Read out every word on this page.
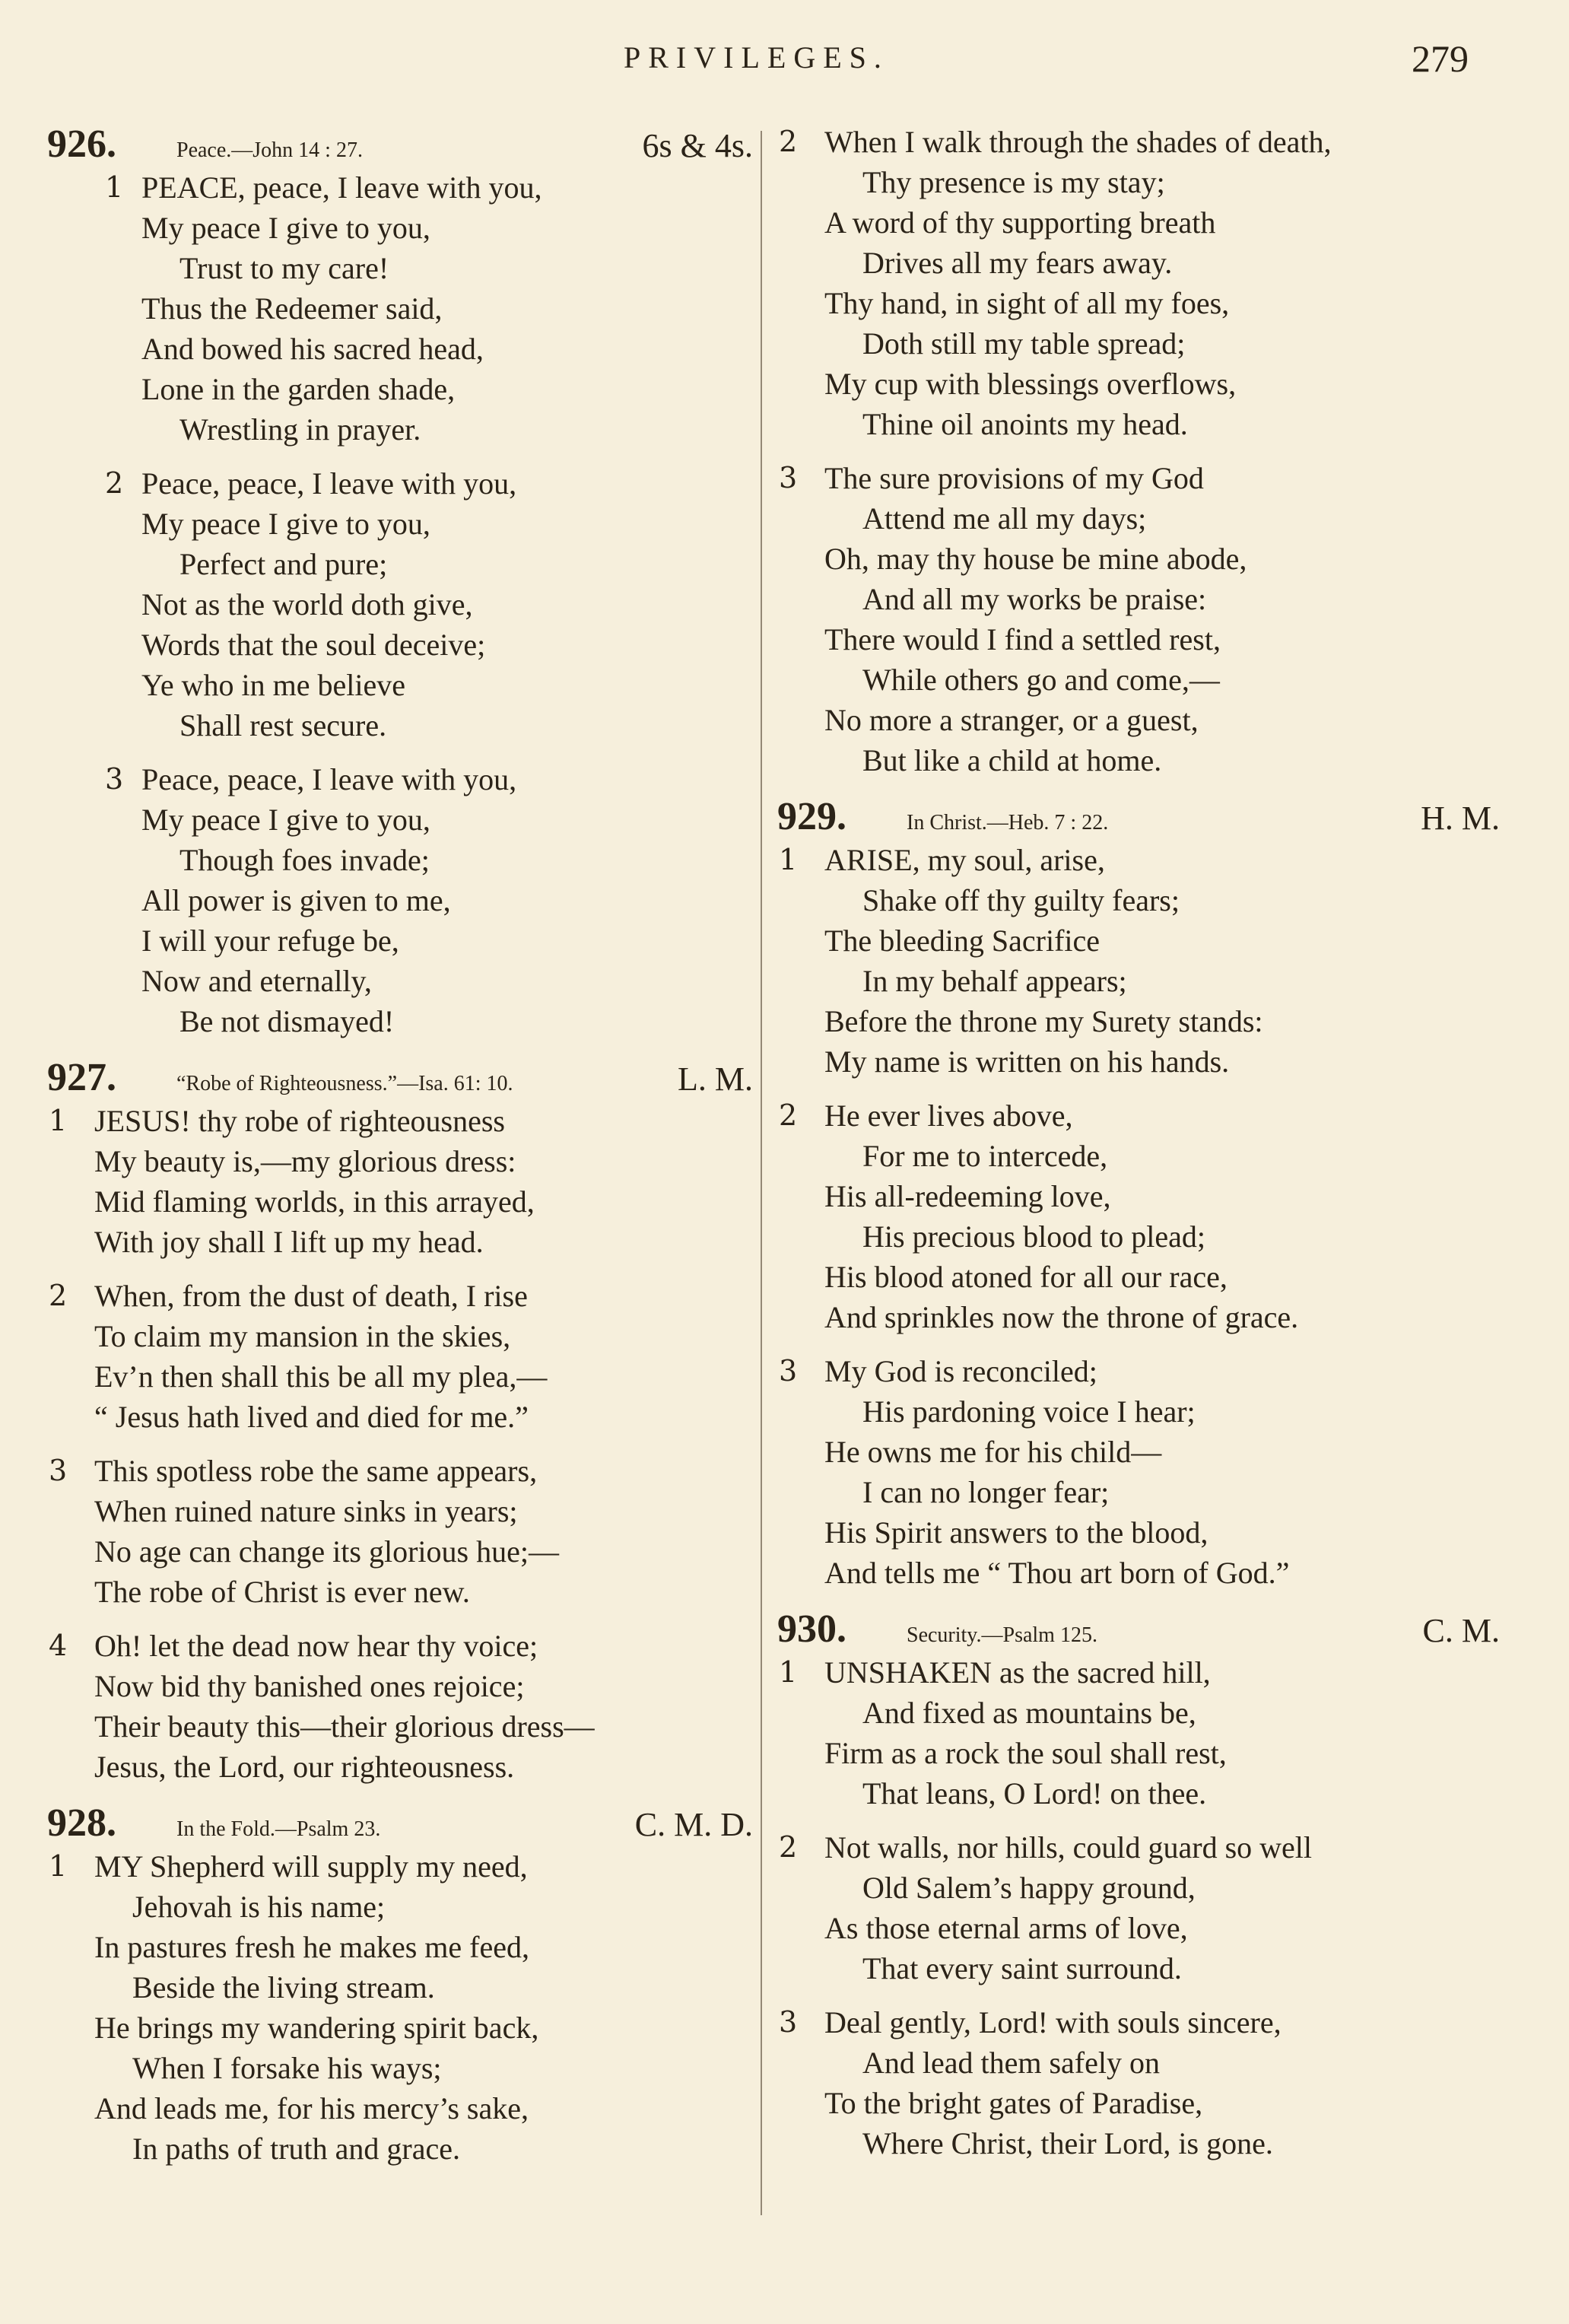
PRIVILEGES.	279
926.	Peace.—John 14 : 27.	6s & 4s.
1 PEACE, peace, I leave with you,
My peace I give to you,
Trust to my care!
Thus the Redeemer said,
And bowed his sacred head,
Lone in the garden shade,
Wrestling in prayer.
2 Peace, peace, I leave with you,
My peace I give to you,
Perfect and pure;
Not as the world doth give,
Words that the soul deceive;
Ye who in me believe
Shall rest secure.
3 Peace, peace, I leave with you,
My peace I give to you,
Though foes invade;
All power is given to me,
I will your refuge be,
Now and eternally,
Be not dismayed!
927.	“Robe of Righteousness.”—Isa. 61: 10.	L. M.
1 JESUS! thy robe of righteousness
My beauty is,—my glorious dress:
Mid flaming worlds, in this arrayed,
With joy shall I lift up my head.
2 When, from the dust of death, I rise
To claim my mansion in the skies,
Ev’n then shall this be all my plea,—
“ Jesus hath lived and died for me.”
3 This spotless robe the same appears,
When ruined nature sinks in years;
No age can change its glorious hue;—
The robe of Christ is ever new.
4 Oh! let the dead now hear thy voice;
Now bid thy banished ones rejoice;
Their beauty this—their glorious dress—
Jesus, the Lord, our righteousness.
928.	In the Fold.—Psalm 23.	C. M. D.
1 MY Shepherd will supply my need,
Jehovah is his name;
In pastures fresh he makes me feed,
Beside the living stream.
He brings my wandering spirit back,
When I forsake his ways;
And leads me, for his mercy’s sake,
In paths of truth and grace.
2 When I walk through the shades of death,
Thy presence is my stay;
A word of thy supporting breath
Drives all my fears away.
Thy hand, in sight of all my foes,
Doth still my table spread;
My cup with blessings overflows,
Thine oil anoints my head.
3 The sure provisions of my God
Attend me all my days;
Oh, may thy house be mine abode,
And all my works be praise:
There would I find a settled rest,
While others go and come,—
No more a stranger, or a guest,
But like a child at home.
929.	In Christ.—Heb. 7 : 22.	H. M.
1 ARISE, my soul, arise,
Shake off thy guilty fears;
The bleeding Sacrifice
In my behalf appears;
Before the throne my Surety stands:
My name is written on his hands.
2 He ever lives above,
For me to intercede,
His all-redeeming love,
His precious blood to plead;
His blood atoned for all our race,
And sprinkles now the throne of grace.
3 My God is reconciled;
His pardoning voice I hear;
He owns me for his child—
I can no longer fear;
His Spirit answers to the blood,
And tells me “ Thou art born of God.”
930.	Security.—Psalm 125.	C. M.
1 UNSHAKEN as the sacred hill,
And fixed as mountains be,
Firm as a rock the soul shall rest,
That leans, O Lord! on thee.
2 Not walls, nor hills, could guard so well
Old Salem’s happy ground,
As those eternal arms of love,
That every saint surround.
3 Deal gently, Lord! with souls sincere,
And lead them safely on
To the bright gates of Paradise,
Where Christ, their Lord, is gone.
